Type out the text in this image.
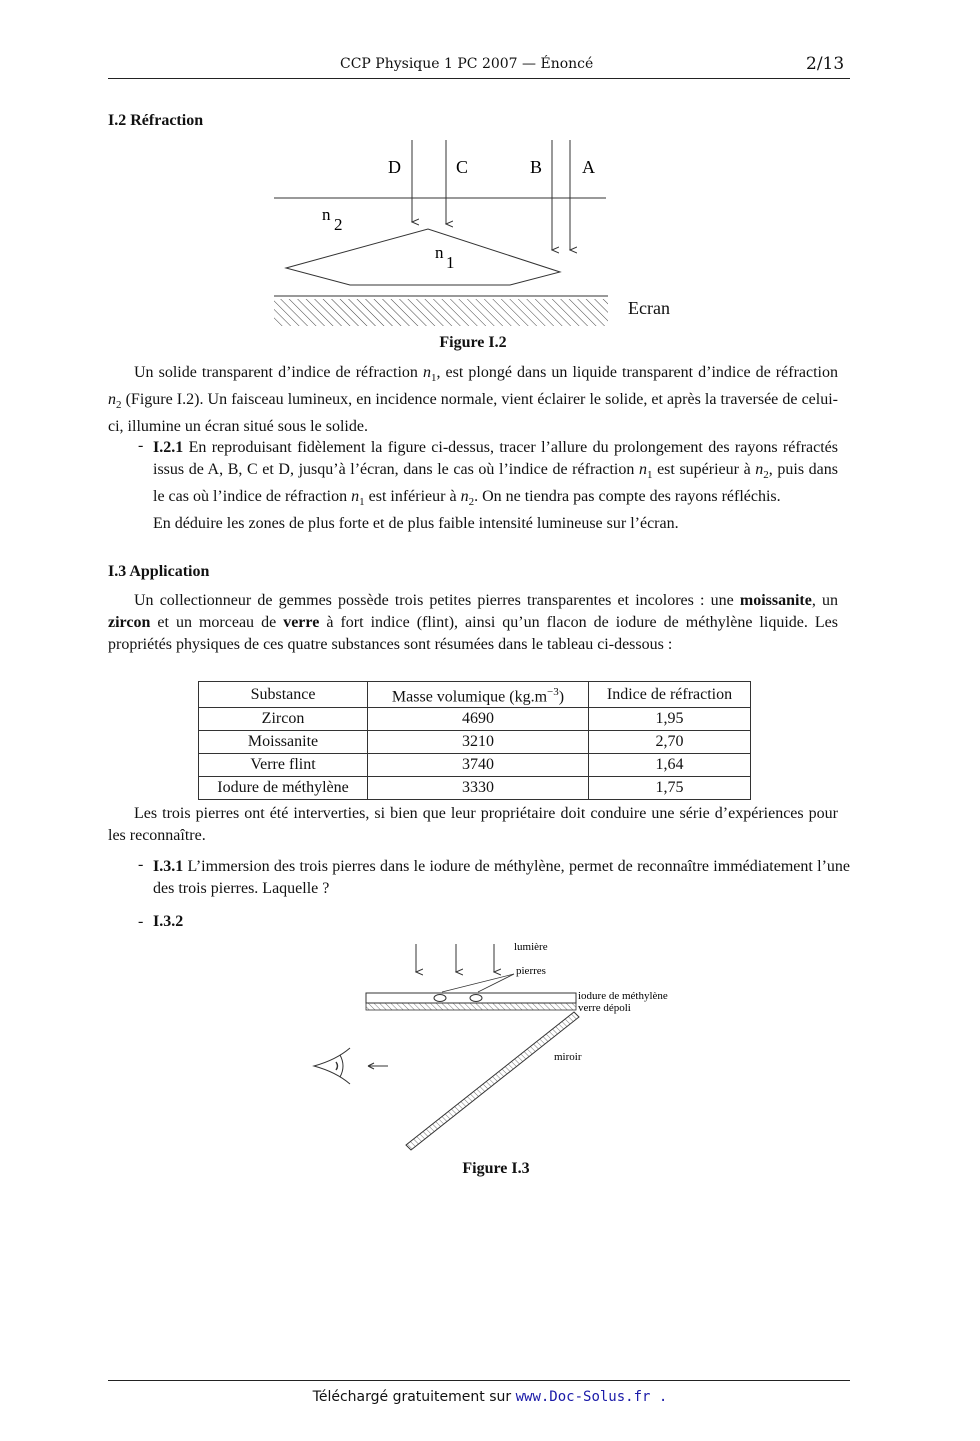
CCP Physique 1 PC 2007 — Énoncé	2/13
I.2 Réfraction
D	C	B A
n
2
n
1
Ecran
Figure I.2
Un solide transparent d’indice de réfraction $n_1$, est plongé dans un liquide transparent d’indice de réfraction $n_2$ (Figure I.2). Un faisceau lumineux, en incidence normale, vient éclairer le solide, et après la traversée de celui-ci, illumine un écran situé sous le solide.
- I.2.1 En reproduisant fidèlement la figure ci-dessus, tracer l’allure du prolongement des rayons réfractés issus de A, B, C et D, jusqu’à l’écran, dans le cas où l’indice de réfraction $n_1$ est supérieur à $n_2$, puis dans le cas où l’indice de réfraction $n_1$ est inférieur à $n_2$. On ne tiendra pas compte des rayons réfléchis.
En déduire les zones de plus forte et de plus faible intensité lumineuse sur l’écran.
I.3 Application
Un collectionneur de gemmes possède trois petites pierres transparentes et incolores : une moissanite, un zircon et un morceau de verre à fort indice (flint), ainsi qu’un flacon de iodure de méthylène liquide. Les propriétés physiques de ces quatre substances sont résumées dans le tableau ci-dessous :
Substance	Masse volumique $(kg.m^{-3})$	Indice de réfraction
Zircon	4690	1,95
Moissanite	3210	2,70
Verre flint	3740	1,64
Iodure de méthylène	3330	1,75
Les trois pierres ont été interverties, si bien que leur propriétaire doit conduire une série d’expériences pour les reconnaître.
- I.3.1 L’immersion des trois pierres dans le iodure de méthylène, permet de reconnaître immédiatement l’une des trois pierres. Laquelle ?
- I.3.2
lumière
pierres
iodure de méthylène
verre dépoli
miroir
Figure I.3
Téléchargé gratuitement sur www.Doc-Solus.fr .
